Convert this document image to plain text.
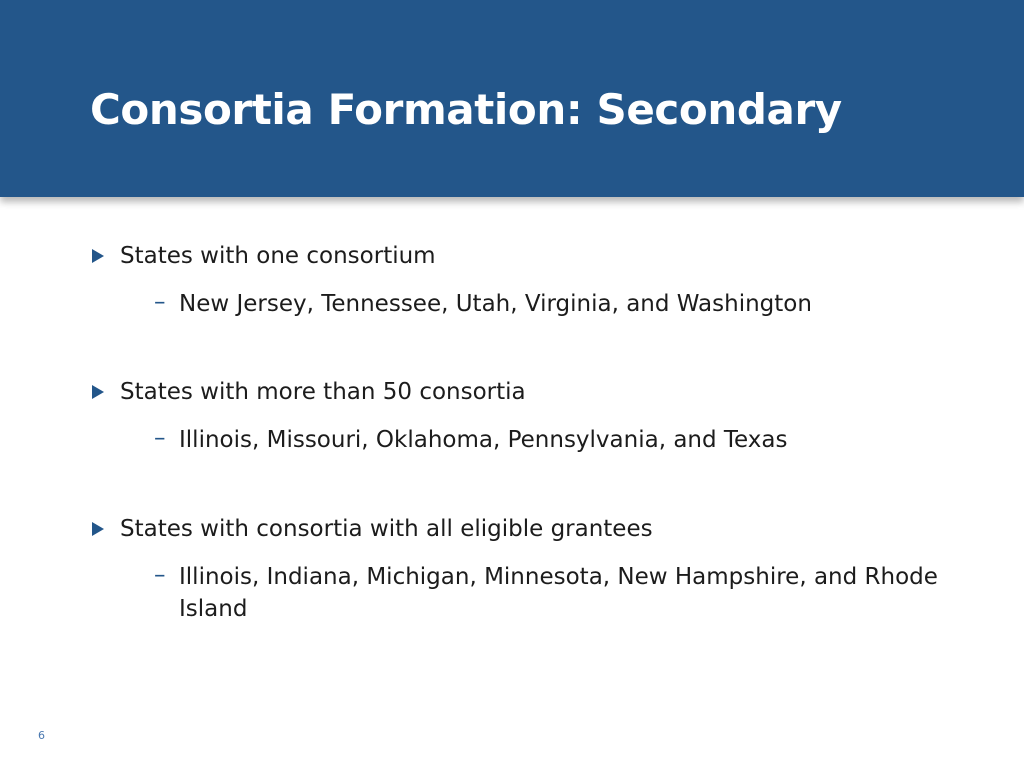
Consortia Formation: Secondary
States with one consortium
– New Jersey, Tennessee, Utah, Virginia, and Washington
States with more than 50 consortia
– Illinois, Missouri, Oklahoma, Pennsylvania, and Texas
States with consortia with all eligible grantees
– Illinois, Indiana, Michigan, Minnesota, New Hampshire, and Rhode Island
6
